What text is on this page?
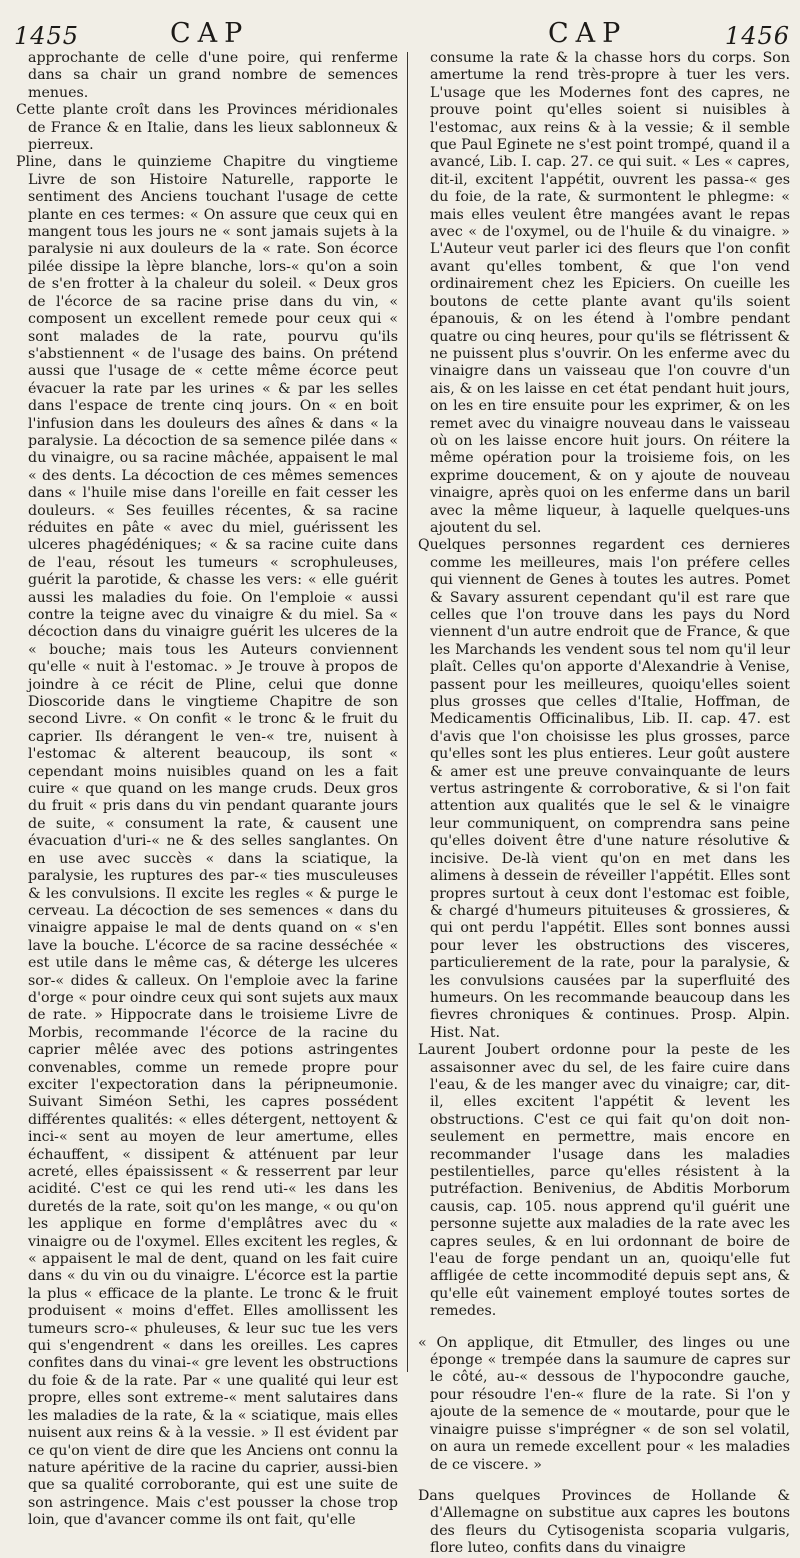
1455	CAP	CAP	1456

approchante de celle d'une poire, qui renferme dans sa chair un grand nombre de semences menues.

Cette plante croît dans les Provinces méridionales de France & en Italie, dans les lieux sablonneux & pierreux.

Pline, dans le quinzieme Chapitre du vingtieme Livre de son Histoire Naturelle, rapporte le sentiment des Anciens touchant l'usage de cette plante en ces termes: « On assure que ceux qui en mangent tous les jours ne « sont jamais sujets à la paralysie ni aux douleurs de la « rate. Son écorce pilée dissipe la lèpre blanche, lors-« qu'on a soin de s'en frotter à la chaleur du soleil. « Deux gros de l'écorce de sa racine prise dans du vin, « composent un excellent remede pour ceux qui « sont malades de la rate, pourvu qu'ils s'abstiennent « de l'usage des bains. On prétend aussi que l'usage de « cette même écorce peut évacuer la rate par les urines « & par les selles dans l'espace de trente cinq jours. On « en boit l'infusion dans les douleurs des aînes & dans « la paralysie. La décoction de sa semence pilée dans « du vinaigre, ou sa racine mâchée, appaisent le mal « des dents. La décoction de ces mêmes semences dans « l'huile mise dans l'oreille en fait cesser les douleurs. « Ses feuilles récentes, & sa racine réduites en pâte « avec du miel, guérissent les ulceres phagédéniques; « & sa racine cuite dans de l'eau, résout les tumeurs « scrophuleuses, guérit la parotide, & chasse les vers: « elle guérit aussi les maladies du foie. On l'emploie « aussi contre la teigne avec du vinaigre & du miel. Sa « décoction dans du vinaigre guérit les ulceres de la « bouche; mais tous les Auteurs conviennent qu'elle « nuit à l'estomac. » Je trouve à propos de joindre à ce récit de Pline, celui que donne Dioscoride dans le vingtieme Chapitre de son second Livre. « On confit « le tronc & le fruit du caprier. Ils dérangent le ven-« tre, nuisent à l'estomac & alterent beaucoup, ils sont « cependant moins nuisibles quand on les a fait cuire « que quand on les mange cruds. Deux gros du fruit « pris dans du vin pendant quarante jours de suite, « consument la rate, & causent une évacuation d'uri-« ne & des selles sanglantes. On en use avec succès « dans la sciatique, la paralysie, les ruptures des par-« ties musculeuses & les convulsions. Il excite les regles « & purge le cerveau. La décoction de ses semences « dans du vinaigre appaise le mal de dents quand on « s'en lave la bouche. L'écorce de sa racine desséchée « est utile dans le même cas, & déterge les ulceres sor-« dides & calleux. On l'emploie avec la farine d'orge « pour oindre ceux qui sont sujets aux maux de rate. » Hippocrate dans le troisieme Livre de Morbis, recommande l'écorce de la racine du caprier mêlée avec des potions astringentes convenables, comme un remede propre pour exciter l'expectoration dans la péripneumonie. Suivant Siméon Sethi, les capres possédent différentes qualités: « elles détergent, nettoyent & inci-« sent au moyen de leur amertume, elles échauffent, « dissipent & atténuent par leur acreté, elles épaississent « & resserrent par leur acidité. C'est ce qui les rend uti-« les dans les duretés de la rate, soit qu'on les mange, « ou qu'on les applique en forme d'emplâtres avec du « vinaigre ou de l'oxymel. Elles excitent les regles, & « appaisent le mal de dent, quand on les fait cuire dans « du vin ou du vinaigre. L'écorce est la partie la plus « efficace de la plante. Le tronc & le fruit produisent « moins d'effet. Elles amollissent les tumeurs scro-« phuleuses, & leur suc tue les vers qui s'engendrent « dans les oreilles. Les capres confites dans du vinai-« gre levent les obstructions du foie & de la rate. Par « une qualité qui leur est propre, elles sont extreme-« ment salutaires dans les maladies de la rate, & la « sciatique, mais elles nuisent aux reins & à la vessie. » Il est évident par ce qu'on vient de dire que les Anciens ont connu la nature apéritive de la racine du caprier, aussi-bien que sa qualité corroborante, qui est une suite de son astringence. Mais c'est pousser la chose trop loin, que d'avancer comme ils ont fait, qu'elle

consume la rate & la chasse hors du corps. Son amertume la rend très-propre à tuer les vers. L'usage que les Modernes font des capres, ne prouve point qu'elles soient si nuisibles à l'estomac, aux reins & à la vessie; & il semble que Paul Eginete ne s'est point trompé, quand il a avancé, Lib. I. cap. 27. ce qui suit. « Les « capres, dit-il, excitent l'appétit, ouvrent les passa-« ges du foie, de la rate, & surmontent le phlegme: « mais elles veulent être mangées avant le repas avec « de l'oxymel, ou de l'huile & du vinaigre. » L'Auteur veut parler ici des fleurs que l'on confit avant qu'elles tombent, & que l'on vend ordinairement chez les Epiciers. On cueille les boutons de cette plante avant qu'ils soient épanouis, & on les étend à l'ombre pendant quatre ou cinq heures, pour qu'ils se flétrissent & ne puissent plus s'ouvrir. On les enferme avec du vinaigre dans un vaisseau que l'on couvre d'un ais, & on les laisse en cet état pendant huit jours, on les en tire ensuite pour les exprimer, & on les remet avec du vinaigre nouveau dans le vaisseau où on les laisse encore huit jours. On réitere la même opération pour la troisieme fois, on les exprime doucement, & on y ajoute de nouveau vinaigre, après quoi on les enferme dans un baril avec la même liqueur, à laquelle quelques-uns ajoutent du sel.

Quelques personnes regardent ces dernieres comme les meilleures, mais l'on préfere celles qui viennent de Genes à toutes les autres. Pomet & Savary assurent cependant qu'il est rare que celles que l'on trouve dans les pays du Nord viennent d'un autre endroit que de France, & que les Marchands les vendent sous tel nom qu'il leur plaît. Celles qu'on apporte d'Alexandrie à Venise, passent pour les meilleures, quoiqu'elles soient plus grosses que celles d'Italie, Hoffman, de Medicamentis Officinalibus, Lib. II. cap. 47. est d'avis que l'on choisisse les plus grosses, parce qu'elles sont les plus entieres. Leur goût austere & amer est une preuve convainquante de leurs vertus astringente & corroborative, & si l'on fait attention aux qualités que le sel & le vinaigre leur communiquent, on comprendra sans peine qu'elles doivent être d'une nature résolutive & incisive. De-là vient qu'on en met dans les alimens à dessein de réveiller l'appétit. Elles sont propres surtout à ceux dont l'estomac est foible, & chargé d'humeurs pituiteuses & grossieres, & qui ont perdu l'appétit. Elles sont bonnes aussi pour lever les obstructions des visceres, particulierement de la rate, pour la paralysie, & les convulsions causées par la superfluité des humeurs. On les recommande beaucoup dans les fievres chroniques & continues. Prosp. Alpin. Hist. Nat.

Laurent Joubert ordonne pour la peste de les assaisonner avec du sel, de les faire cuire dans l'eau, & de les manger avec du vinaigre; car, dit-il, elles excitent l'appétit & levent les obstructions. C'est ce qui fait qu'on doit non-seulement en permettre, mais encore en recommander l'usage dans les maladies pestilentielles, parce qu'elles résistent à la putréfaction. Benivenius, de Abditis Morborum causis, cap. 105. nous apprend qu'il guérit une personne sujette aux maladies de la rate avec les capres seules, & en lui ordonnant de boire de l'eau de forge pendant un an, quoiqu'elle fut affligée de cette incommodité depuis sept ans, & qu'elle eût vainement employé toutes sortes de remedes.

« On applique, dit Etmuller, des linges ou une éponge « trempée dans la saumure de capres sur le côté, au-« dessous de l'hypocondre gauche, pour résoudre l'en-« flure de la rate. Si l'on y ajoute de la semence de « moutarde, pour que le vinaigre puisse s'imprégner « de son sel volatil, on aura un remede excellent pour « les maladies de ce viscere. »

Dans quelques Provinces de Hollande & d'Allemagne on substitue aux capres les boutons des fleurs du Cytisogenista scoparia vulgaris, flore luteo, confits dans du vinaigre
